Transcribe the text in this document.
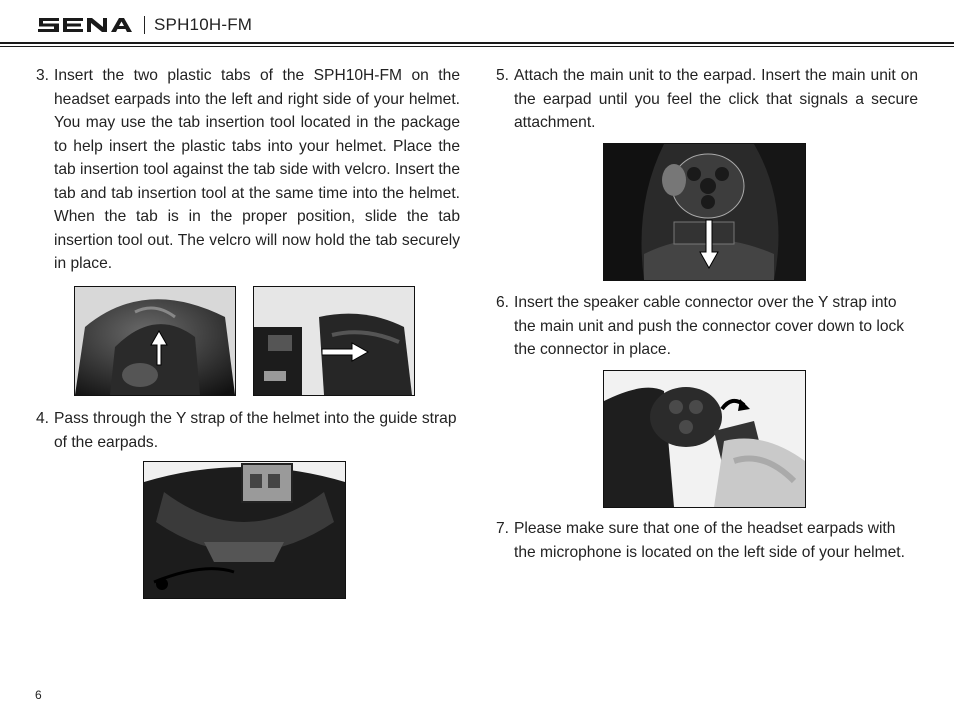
SPH10H-FM
3. Insert the two plastic tabs of the SPH10H-FM on the headset earpads into the left and right side of your helmet. You may use the tab insertion tool located in the package to help insert the plastic tabs into your helmet. Place the tab insertion tool against the tab side with velcro. Insert the tab and tab insertion tool at the same time into the helmet. When the tab is in the proper position, slide the tab insertion tool out. The velcro will now hold the tab securely in place.
4. Pass through the Y strap of the helmet into the guide strap of the earpads.
5. Attach the main unit to the earpad. Insert the main unit on the earpad until you feel the click that signals a secure attachment.
6. Insert the speaker cable connector over the Y strap into the main unit and push the connector cover down to lock the connector in place.
7. Please make sure that one of the headset earpads with the microphone is located on the left side of your helmet.
6
